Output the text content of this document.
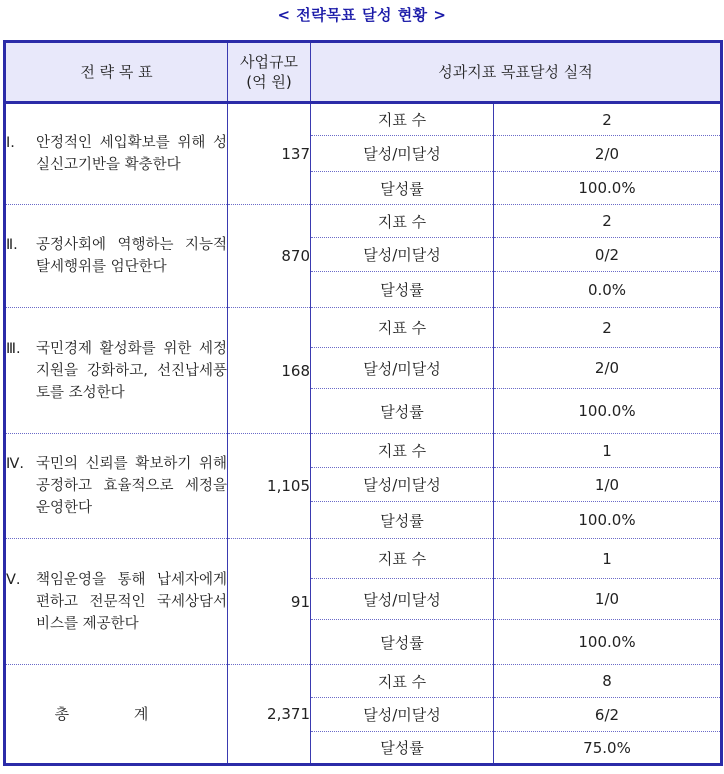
< 전략목표 달성 현황 >
전 략 목 표	사업규모
(억 원)	성과지표 목표달성 실적	

Ⅰ. 안정적인 세입확보를 위해 성실신고기반을 확충한다	137	지표 수	2
		달성/미달성	2/0
		달성률	100.0%

Ⅱ. 공정사회에 역행하는 지능적 탈세행위를 엄단한다	870	지표 수	2
		달성/미달성	0/2
		달성률	0.0%

Ⅲ. 국민경제 활성화를 위한 세정지원을 강화하고, 선진납세풍토를 조성한다	168	지표 수	2
		달성/미달성	2/0
		달성률	100.0%

Ⅳ. 국민의 신뢰를 확보하기 위해 공정하고 효율적으로 세정을 운영한다	1,105	지표 수	1
		달성/미달성	1/0
		달성률	100.0%

Ⅴ. 책임운영을 통해 납세자에게 편하고 전문적인 국세상담서비스를 제공한다	91	지표 수	1
		달성/미달성	1/0
		달성률	100.0%
총 계	2,371	지표 수	8
		달성/미달성	6/2
		달성률	75.0%
